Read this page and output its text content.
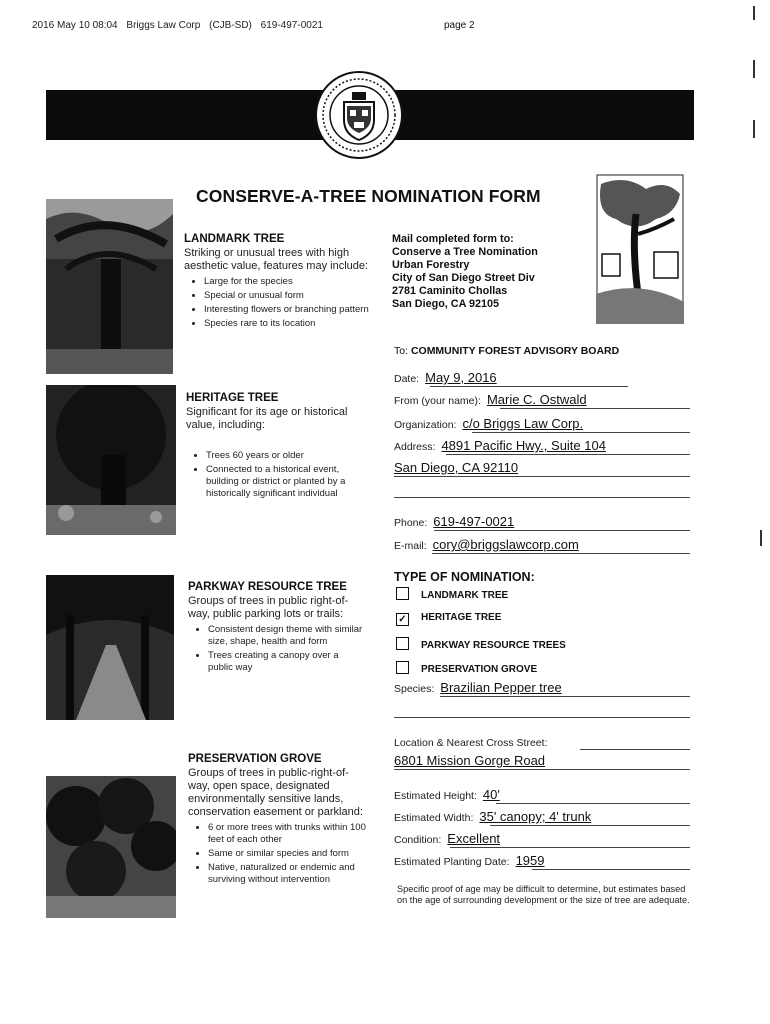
2016 May 10 08:04 Briggs Law Corp (CJB-SD) 619-497-0021	page 2
CONSERVE-A-TREE NOMINATION FORM
LANDMARK TREE
Striking or unusual trees with high aesthetic value, features may include:
• Large for the species
• Special or unusual form
• Interesting flowers or branching pattern
• Species rare to its location
HERITAGE TREE
Significant for its age or historical value, including:
• Trees 60 years or older
• Connected to a historical event, building or district or planted by a historically significant individual
PARKWAY RESOURCE TREE
Groups of trees in public right-of-way, public parking lots or trails:
• Consistent design theme with similar size, shape, health and form
• Trees creating a canopy over a public way
PRESERVATION GROVE
Groups of trees in public-right-of-way, open space, designated environmentally sensitive lands, conservation easement or parkland:
• 6 or more trees with trunks within 100 feet of each other
• Same or similar species and form
• Native, naturalized or endemic and surviving without intervention
Mail completed form to:
Conserve a Tree Nomination
Urban Forestry
City of San Diego Street Div
2781 Caminito Chollas
San Diego, CA 92105
To: COMMUNITY FOREST ADVISORY BOARD
Date: May 9, 2016
From (your name): Marie C. Ostwald
Organization: c/o Briggs Law Corp.
Address: 4891 Pacific Hwy., Suite 104
San Diego, CA 92110
Phone: 619-497-0021
E-mail: cory@briggslawcorp.com
TYPE OF NOMINATION:
LANDMARK TREE
✓ HERITAGE TREE
PARKWAY RESOURCE TREES
PRESERVATION GROVE
Species: Brazilian Pepper tree
Location & Nearest Cross Street:
6801 Mission Gorge Road
Estimated Height: 40'
Estimated Width: 35' canopy; 4' trunk
Condition: Excellent
Estimated Planting Date: 1959
Specific proof of age may be difficult to determine, but estimates based on the age of surrounding development or the size of tree are adequate.
